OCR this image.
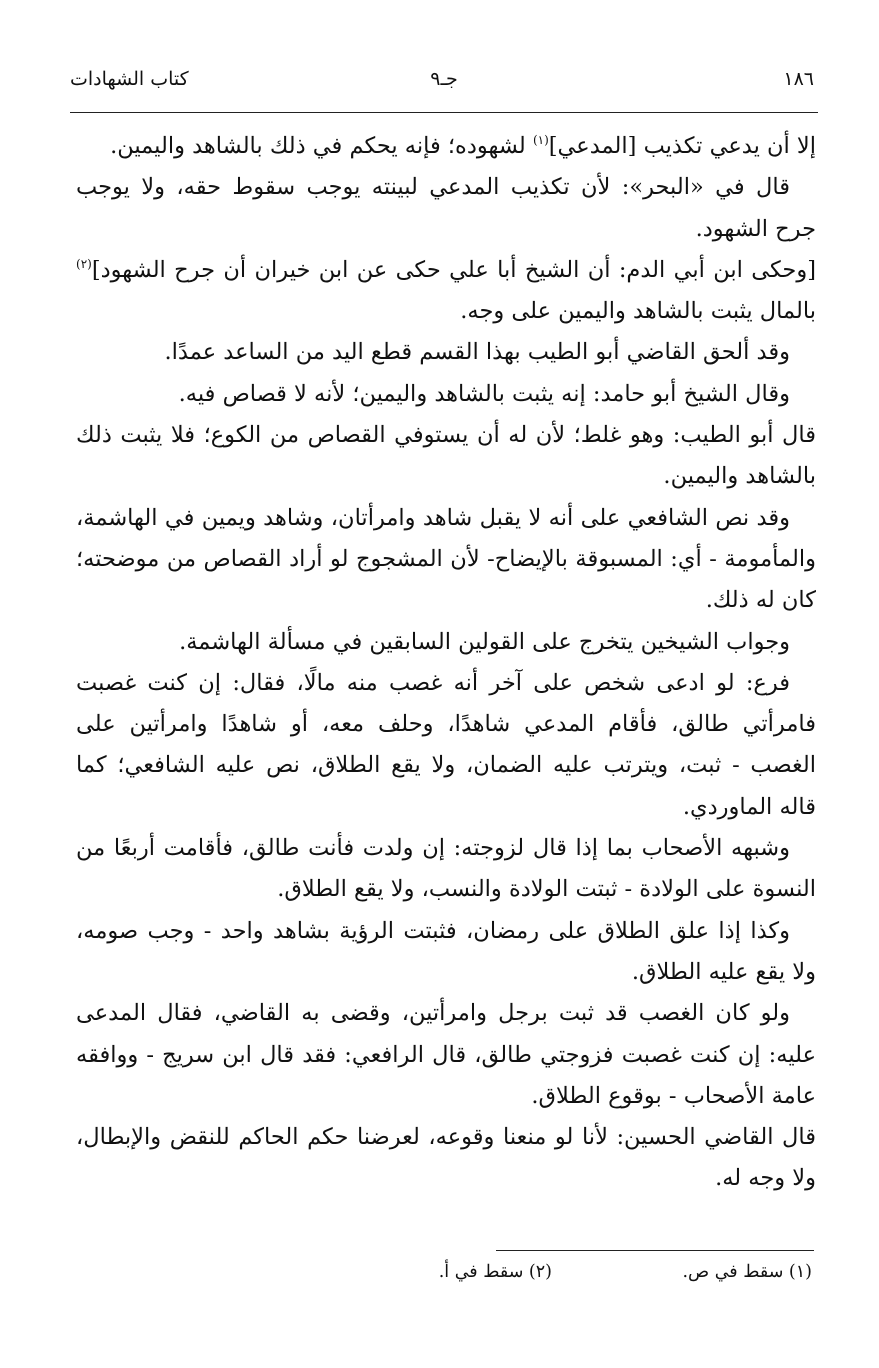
١٨٦
جـ٩
كتاب الشهادات

إلا أن يدعي تكذيب [المدعي]$^{(١)}$ لشهوده؛ فإنه يحكم في ذلك بالشاهد واليمين.

قال في «البحر»: لأن تكذيب المدعي لبينته يوجب سقوط حقه، ولا يوجب جرح الشهود.

[وحكى ابن أبي الدم: أن الشيخ أبا علي حكى عن ابن خيران أن جرح الشهود]$^{(٢)}$ بالمال يثبت بالشاهد واليمين على وجه.

وقد ألحق القاضي أبو الطيب بهذا القسم قطع اليد من الساعد عمدًا.

وقال الشيخ أبو حامد: إنه يثبت بالشاهد واليمين؛ لأنه لا قصاص فيه.

قال أبو الطيب: وهو غلط؛ لأن له أن يستوفي القصاص من الكوع؛ فلا يثبت ذلك بالشاهد واليمين.

وقد نص الشافعي على أنه لا يقبل شاهد وامرأتان، وشاهد ويمين في الهاشمة، والمأمومة - أي: المسبوقة بالإيضاح- لأن المشجوج لو أراد القصاص من موضحته؛ كان له ذلك.

وجواب الشيخين يتخرج على القولين السابقين في مسألة الهاشمة.

فرع: لو ادعى شخص على آخر أنه غصب منه مالًا، فقال: إن كنت غصبت فامرأتي طالق، فأقام المدعي شاهدًا، وحلف معه، أو شاهدًا وامرأتين على الغصب - ثبت، ويترتب عليه الضمان، ولا يقع الطلاق، نص عليه الشافعي؛ كما قاله الماوردي.

وشبهه الأصحاب بما إذا قال لزوجته: إن ولدت فأنت طالق، فأقامت أربعًا من النسوة على الولادة - ثبتت الولادة والنسب، ولا يقع الطلاق.

وكذا إذا علق الطلاق على رمضان، فثبتت الرؤية بشاهد واحد - وجب صومه، ولا يقع عليه الطلاق.

ولو كان الغصب قد ثبت برجل وامرأتين، وقضى به القاضي، فقال المدعى عليه: إن كنت غصبت فزوجتي طالق، قال الرافعي: فقد قال ابن سريج - ووافقه عامة الأصحاب - بوقوع الطلاق.

قال القاضي الحسين: لأنا لو منعنا وقوعه، لعرضنا حكم الحاكم للنقض والإبطال، ولا وجه له.

(١) سقط في ص.
(٢) سقط في أ.
